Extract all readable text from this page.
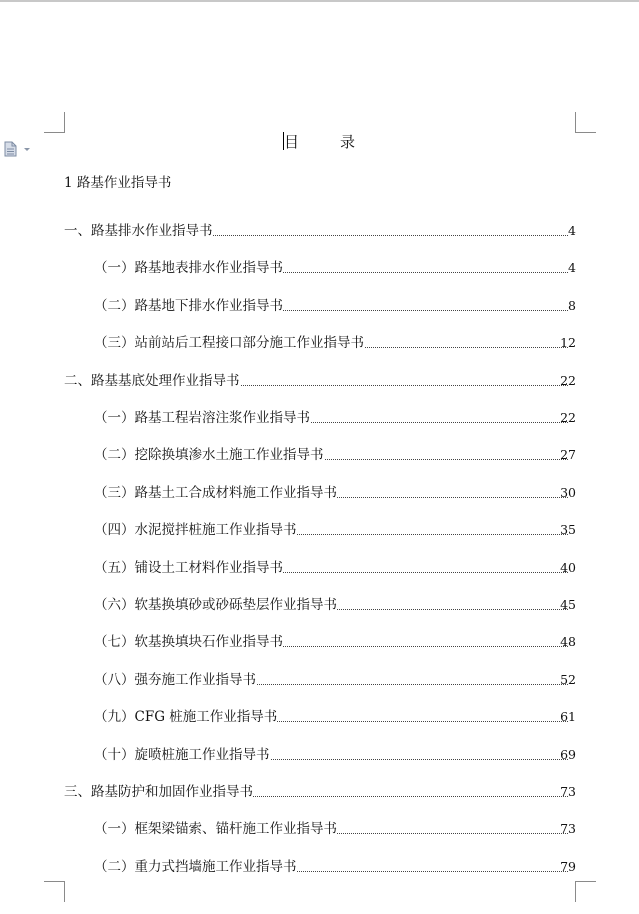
目	录
1 路基作业指导书
一、路基排水作业指导书	4
（一）路基地表排水作业指导书	4
（二）路基地下排水作业指导书	8
（三）站前站后工程接口部分施工作业指导书	12
二、路基基底处理作业指导书	22
（一）路基工程岩溶注浆作业指导书	22
（二）挖除换填渗水土施工作业指导书	27
（三）路基土工合成材料施工作业指导书	30
（四）水泥搅拌桩施工作业指导书	35
（五）铺设土工材料作业指导书	40
（六）软基换填砂或砂砾垫层作业指导书	45
（七）软基换填块石作业指导书	48
（八）强夯施工作业指导书	52
（九）CFG 桩施工作业指导书	61
（十）旋喷桩施工作业指导书	69
三、路基防护和加固作业指导书	73
（一）框架梁锚索、锚杆施工作业指导书	73
（二）重力式挡墙施工作业指导书	79
